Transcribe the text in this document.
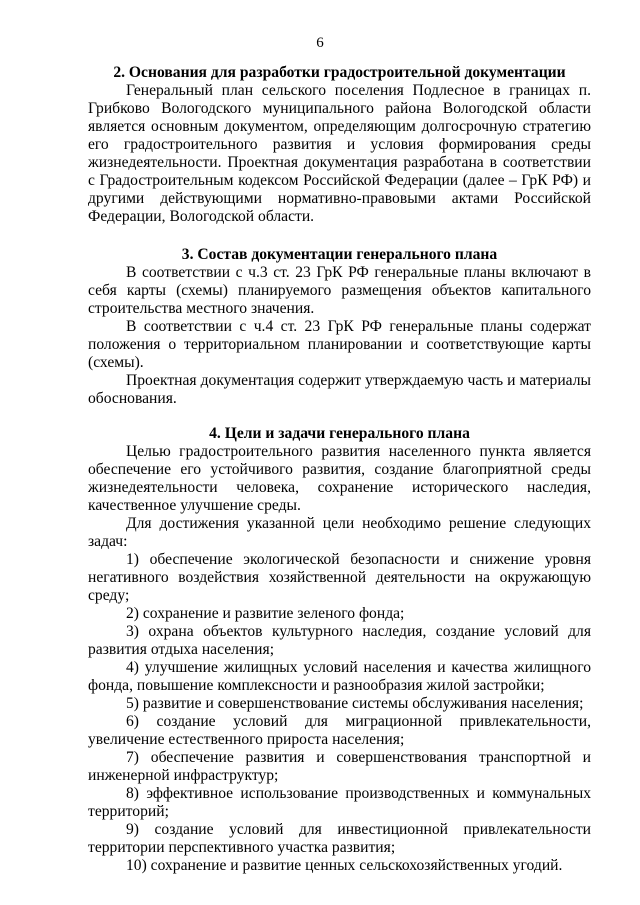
6
2. Основания для разработки градостроительной документации

Генеральный план сельского поселения Подлесное в границах п. Грибково Вологодского муниципального района Вологодской области является основным документом, определяющим долгосрочную стратегию его градостроительного развития и условия формирования среды жизнедеятельности. Проектная документация разработана в соответствии с Градостроительным кодексом Российской Федерации (далее – ГрК РФ) и другими действующими нормативно-правовыми актами Российской Федерации, Вологодской области.

3. Состав документации генерального плана

В соответствии с ч.3 ст. 23 ГрК РФ генеральные планы включают в себя карты (схемы) планируемого размещения объектов капитального строительства местного значения.

В соответствии с ч.4 ст. 23 ГрК РФ генеральные планы содержат положения о территориальном планировании и соответствующие карты (схемы).

Проектная документация содержит утверждаемую часть и материалы обоснования.

4. Цели и задачи генерального плана

Целью градостроительного развития населенного пункта является обеспечение его устойчивого развития, создание благоприятной среды жизнедеятельности человека, сохранение исторического наследия, качественное улучшение среды.

Для достижения указанной цели необходимо решение следующих задач:

1) обеспечение экологической безопасности и снижение уровня негативного воздействия хозяйственной деятельности на окружающую среду;

2) сохранение и развитие зеленого фонда;

3) охрана объектов культурного наследия, создание условий для развития отдыха населения;

4) улучшение жилищных условий населения и качества жилищного фонда, повышение комплексности и разнообразия жилой застройки;

5) развитие и совершенствование системы обслуживания населения;

6) создание условий для миграционной привлекательности, увеличение естественного прироста населения;

7) обеспечение развития и совершенствования транспортной и инженерной инфраструктур;

8) эффективное использование производственных и коммунальных территорий;

9) создание условий для инвестиционной привлекательности территории перспективного участка развития;

10) сохранение и развитие ценных сельскохозяйственных угодий.
